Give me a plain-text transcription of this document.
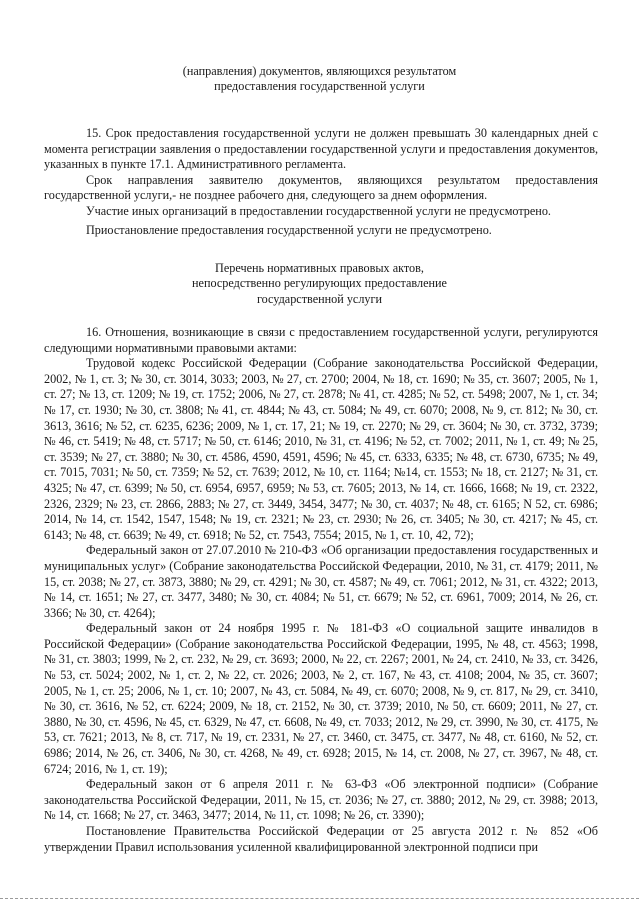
(направления) документов, являющихся результатом
предоставления государственной услуги

15. Срок предоставления государственной услуги не должен превышать 30 календарных дней с момента регистрации заявления о предоставлении государственной услуги и предоставления документов, указанных в пункте 17.1. Административного регламента.

Срок направления заявителю документов, являющихся результатом предоставления государственной услуги,- не позднее рабочего дня, следующего за днем оформления.

Участие иных организаций в предоставлении государственной услуги не предусмотрено.

Приостановление предоставления государственной услуги не предусмотрено.

Перечень нормативных правовых актов,
непосредственно регулирующих предоставление
государственной услуги

16. Отношения, возникающие в связи с предоставлением государственной услуги, регулируются следующими нормативными правовыми актами:

Трудовой кодекс Российской Федерации (Собрание законодательства Российской Федерации, 2002, № 1, ст. 3; № 30, ст. 3014, 3033; 2003, № 27, ст. 2700; 2004, № 18, ст. 1690; № 35, ст. 3607; 2005, № 1, ст. 27; № 13, ст. 1209; № 19, ст. 1752; 2006, № 27, ст. 2878; № 41, ст. 4285; № 52, ст. 5498; 2007, № 1, ст. 34; № 17, ст. 1930; № 30, ст. 3808; № 41, ст. 4844; № 43, ст. 5084; № 49, ст. 6070; 2008, № 9, ст. 812; № 30, ст. 3613, 3616; № 52, ст. 6235, 6236; 2009, № 1, ст. 17, 21; № 19, ст. 2270; № 29, ст. 3604; № 30, ст. 3732, 3739; № 46, ст. 5419; № 48, ст. 5717; № 50, ст. 6146; 2010, № 31, ст. 4196; № 52, ст. 7002; 2011, № 1, ст. 49; № 25, ст. 3539; № 27, ст. 3880; № 30, ст. 4586, 4590, 4591, 4596; № 45, ст. 6333, 6335; № 48, ст. 6730, 6735; № 49, ст. 7015, 7031; № 50, ст. 7359; № 52, ст. 7639; 2012, № 10, ст. 1164; №14, ст. 1553; № 18, ст. 2127; № 31, ст. 4325; № 47, ст. 6399; № 50, ст. 6954, 6957, 6959; № 53, ст. 7605; 2013, № 14, ст. 1666, 1668; № 19, ст. 2322, 2326, 2329; № 23, ст. 2866, 2883; № 27, ст. 3449, 3454, 3477; № 30, ст. 4037; № 48, ст. 6165; N 52, ст. 6986; 2014, № 14, ст. 1542, 1547, 1548; № 19, ст. 2321; № 23, ст. 2930; № 26, ст. 3405; № 30, ст. 4217; № 45, ст. 6143; № 48, ст. 6639; № 49, ст. 6918; № 52, ст. 7543, 7554; 2015, № 1, ст. 10, 42, 72);

Федеральный закон от 27.07.2010 № 210-ФЗ «Об организации предоставления государственных и муниципальных услуг» (Собрание законодательства Российской Федерации, 2010, № 31, ст. 4179; 2011, № 15, ст. 2038; № 27, ст. 3873, 3880; № 29, ст. 4291; № 30, ст. 4587; № 49, ст. 7061; 2012, № 31, ст. 4322; 2013, № 14, ст. 1651; № 27, ст. 3477, 3480; № 30, ст. 4084; № 51, ст. 6679; № 52, ст. 6961, 7009; 2014, № 26, ст. 3366; № 30, ст. 4264);

Федеральный закон от 24 ноября 1995 г. № 181-ФЗ «О социальной защите инвалидов в Российской Федерации» (Собрание законодательства Российской Федерации, 1995, № 48, ст. 4563; 1998, № 31, ст. 3803; 1999, № 2, ст. 232, № 29, ст. 3693; 2000, № 22, ст. 2267; 2001, № 24, ст. 2410, № 33, ст. 3426, № 53, ст. 5024; 2002, № 1, ст. 2, № 22, ст. 2026; 2003, № 2, ст. 167, № 43, ст. 4108; 2004, № 35, ст. 3607; 2005, № 1, ст. 25; 2006, № 1, ст. 10; 2007, № 43, ст. 5084, № 49, ст. 6070; 2008, № 9, ст. 817, № 29, ст. 3410, № 30, ст. 3616, № 52, ст. 6224; 2009, № 18, ст. 2152, № 30, ст. 3739; 2010, № 50, ст. 6609; 2011, № 27, ст. 3880, № 30, ст. 4596, № 45, ст. 6329, № 47, ст. 6608, № 49, ст. 7033; 2012, № 29, ст. 3990, № 30, ст. 4175, № 53, ст. 7621; 2013, № 8, ст. 717, № 19, ст. 2331, № 27, ст. 3460, ст. 3475, ст. 3477, № 48, ст. 6160, № 52, ст. 6986; 2014, № 26, ст. 3406, № 30, ст. 4268, № 49, ст. 6928; 2015, № 14, ст. 2008, № 27, ст. 3967, № 48, ст. 6724; 2016, № 1, ст. 19);

Федеральный закон от 6 апреля 2011 г. № 63-ФЗ «Об электронной подписи» (Собрание законодательства Российской Федерации, 2011, № 15, ст. 2036; № 27, ст. 3880; 2012, № 29, ст. 3988; 2013, № 14, ст. 1668; № 27, ст. 3463, 3477; 2014, № 11, ст. 1098; № 26, ст. 3390);

Постановление Правительства Российской Федерации от 25 августа 2012 г. № 852 «Об утверждении Правил использования усиленной квалифицированной электронной подписи при
